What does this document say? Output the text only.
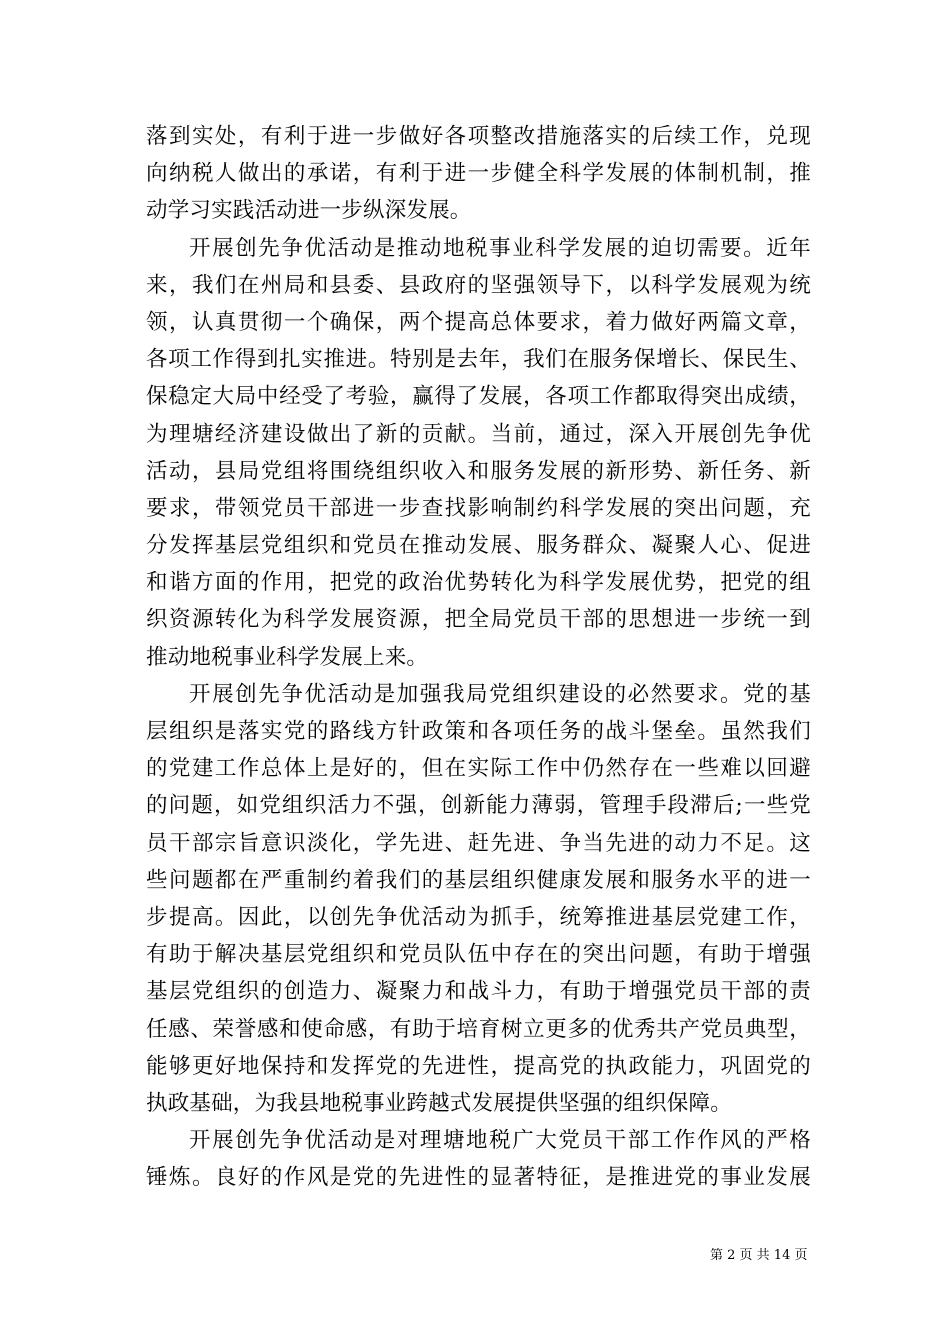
落到实处，有利于进一步做好各项整改措施落实的后续工作，兑现
向纳税人做出的承诺，有利于进一步健全科学发展的体制机制，推
动学习实践活动进一步纵深发展。
开展创先争优活动是推动地税事业科学发展的迫切需要。近年
来，我们在州局和县委、县政府的坚强领导下，以科学发展观为统
领，认真贯彻一个确保，两个提高总体要求，着力做好两篇文章，
各项工作得到扎实推进。特别是去年，我们在服务保增长、保民生、
保稳定大局中经受了考验，赢得了发展，各项工作都取得突出成绩，
为理塘经济建设做出了新的贡献。当前，通过，深入开展创先争优
活动，县局党组将围绕组织收入和服务发展的新形势、新任务、新
要求，带领党员干部进一步查找影响制约科学发展的突出问题，充
分发挥基层党组织和党员在推动发展、服务群众、凝聚人心、促进
和谐方面的作用，把党的政治优势转化为科学发展优势，把党的组
织资源转化为科学发展资源，把全局党员干部的思想进一步统一到
推动地税事业科学发展上来。
开展创先争优活动是加强我局党组织建设的必然要求。党的基
层组织是落实党的路线方针政策和各项任务的战斗堡垒。虽然我们
的党建工作总体上是好的，但在实际工作中仍然存在一些难以回避
的问题，如党组织活力不强，创新能力薄弱，管理手段滞后;一些党
员干部宗旨意识淡化，学先进、赶先进、争当先进的动力不足。这
些问题都在严重制约着我们的基层组织健康发展和服务水平的进一
步提高。因此，以创先争优活动为抓手，统筹推进基层党建工作，
有助于解决基层党组织和党员队伍中存在的突出问题，有助于增强
基层党组织的创造力、凝聚力和战斗力，有助于增强党员干部的责
任感、荣誉感和使命感，有助于培育树立更多的优秀共产党员典型，
能够更好地保持和发挥党的先进性，提高党的执政能力，巩固党的
执政基础，为我县地税事业跨越式发展提供坚强的组织保障。
开展创先争优活动是对理塘地税广大党员干部工作作风的严格
锤炼。良好的作风是党的先进性的显著特征，是推进党的事业发展
第 2 页 共 14 页
